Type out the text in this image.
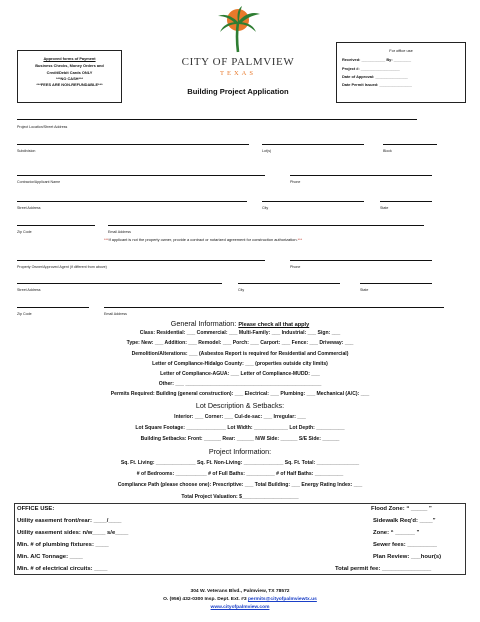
Approved forms of Payment
Business Checks, Money Orders and
Credit/Debit Cards ONLY
***NO CASH***
***FEES ARE NON-REFUNDABLE***
CITY OF PALMVIEW
TEXAS
Building Project Application
For office use
Received: ___________ By: ________
Project #: __________________
Date of Approval: _______________
Date Permit Issued: _______________
Project Location/Street Address
Subdivision	Lot(s)	Block
Contractor/Applicant Name	Phone
Street Address	City	State
Zip Code	Email Address
***If applicant is not the property owner, provide a contract or notarized agreement for construction authorization.***
Property Owner/Approved Agent (if different from above)	Phone
Street Address	City	State
Zip Code	Email Address
General Information: Please check all that apply
Class: Residential: ___ Commercial: ___ Multi-Family: ___ Industrial: ___ Sign: ___
Type: New: ___ Addition: ___ Remodel: ___ Porch: ___ Carport: ___ Fence: ___ Driveway: ___
Demolition/Alterations: ___ (Asbestos Report is required for Residential and Commercial)
Letter of Compliance-Hidalgo County: ___ (properties outside city limits)
Letter of Compliance-AGUA: ___ Letter of Compliance-MUDD: ___
Other: ___ ________________________________________________
Permits Required: Building (general construction): ___ Electrical: ___ Plumbing: ___ Mechanical (A/C): ___
Lot Description & Setbacks:
Interior: ___ Corner: ___ Cul-de-sac: ___ Irregular: ___
Lot Square Footage: ______________ Lot Width: ____________ Lot Depth: __________
Building Setbacks: Front: ______ Rear: ______ N/W Side: ______ S/E Side: ______
Project Information:
Sq. Ft. Living: ______________ Sq. Ft. Non-Living: ______________ Sq. Ft. Total: _______________
# of Bedrooms: ___________ # of Full Baths: __________ # of Half Baths: __________
Compliance Path (please choose one): Prescriptive: ___ Total Building: ___ Energy Rating Index: ___
Total Project Valuation: $____________________
OFFICE USE:
Utility easement front/rear: ____/____
Utility easement sides: n/w____ s/e____
Min. # of plumbing fixtures: ____
Min. A/C Tonnage: ____
Min. # of electrical circuits: ____
Flood Zone: “ _____ ”
Sidewalk Req'd: ____”
Zone: “ ______ ”
Sewer fees: _________
Plan Review: ___hour(s)
Total permit fee: _______________
304 W. Veterans Blvd., Palmview, TX 78572
O. (956) 432-0300 Insp. Dept. Ext. #3 permits@cityofpalmviewtx.us
www.cityofpalmview.com
